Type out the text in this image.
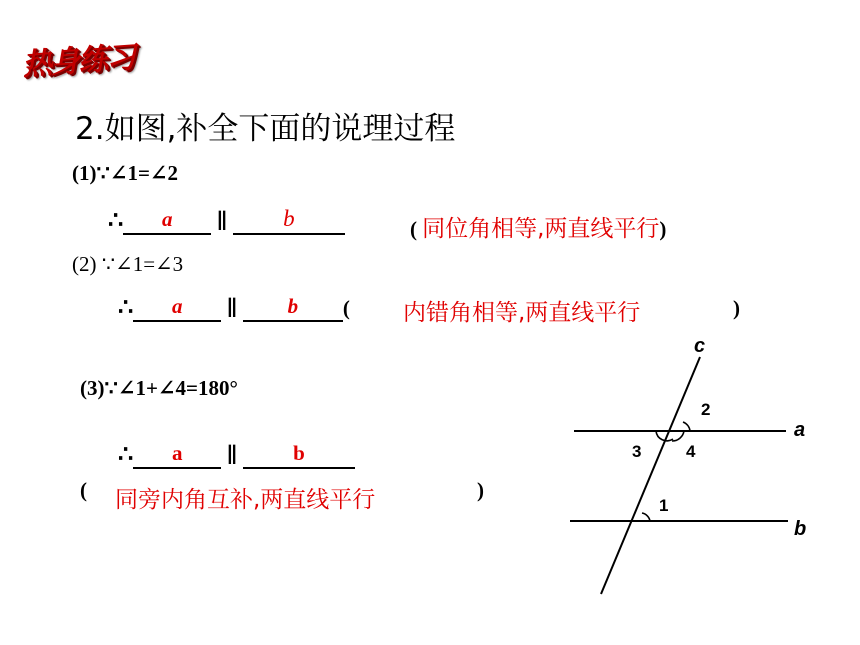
热身练习
2.如图,补全下面的说理过程
(1)∵∠1=∠2
∴ a ∥ b	( 同位角相等,两直线平行)
(2) ∵∠1=∠3
∴ a ∥ b ( 内错角相等,两直线平行	)
(3)∵∠1+∠4=180°
∴ a ∥	b
( 同旁内角互补,两直线平行	)
c
a
b
2
3	4
1
